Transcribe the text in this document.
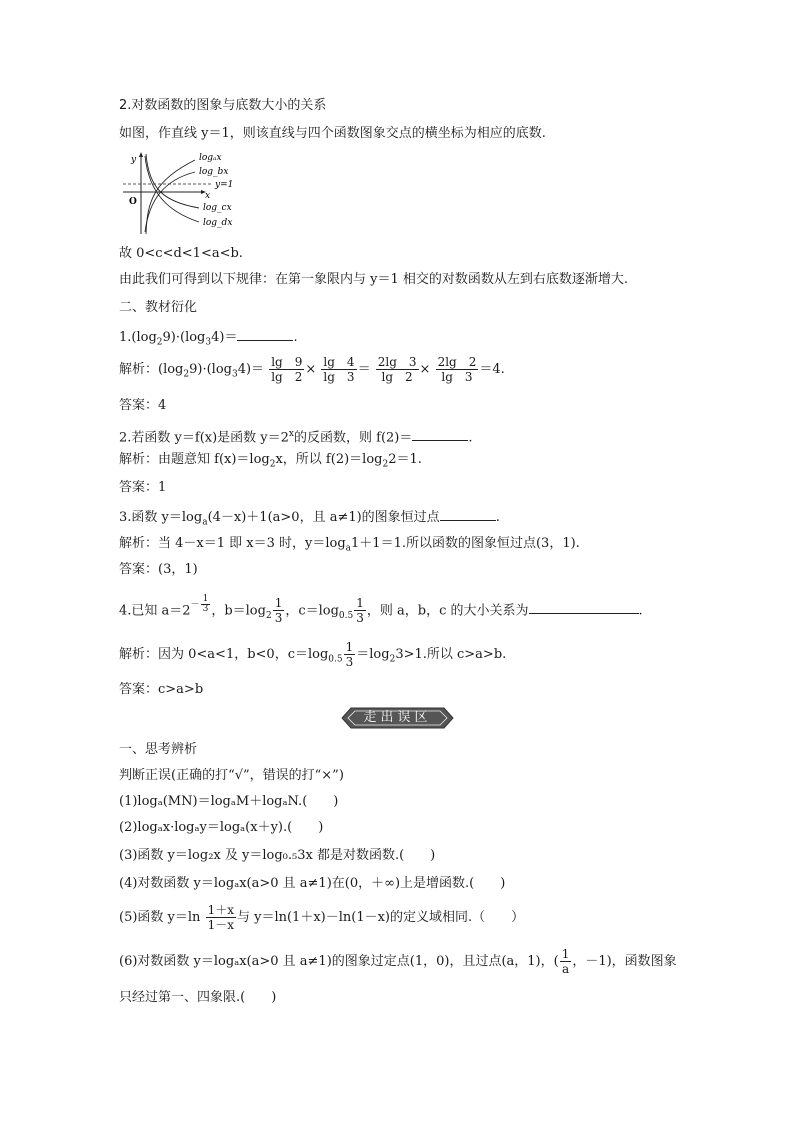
2.对数函数的图象与底数大小的关系
如图，作直线 y＝1，则该直线与四个函数图象交点的横坐标为相应的底数.
y
x
O
y=1
logₐx
log_bx
log_cx
log_dx
故 0<c<d<1<a<b.
由此我们可得到以下规律：在第一象限内与 y＝1 相交的对数函数从左到右底数逐渐增大.
二、教材衍化
$1.(\log_29)\cdot(\log_34)=$	.
解析：$(\log_29)\cdot(\log_34)= \frac{\lg 9}{\lg 2} \times \frac{\lg 4}{\lg 3} = \frac{2\lg 3}{\lg 2} \times \frac{2\lg 2}{\lg 3} =4$.
答案：4
2.若函数 y＝f(x)是函数 $y=2^x$的反函数，则 f(2)＝	.
解析：由题意知 $f(x)=\log_2x$，所以 $f(2)=\log_22=1$.
答案：1
3.函数 $y=\log_a(4-x)+1(a>0$，且 a≠1)的图象恒过点	.
解析：当 4－x＝1 即 x＝3 时，$y=\log_a1+1=1$.所以函数的图象恒过点(3，1).
答案：(3，1)
4.已知 $a=2^{- \frac{1}{3}}$ ，$b=\log_2 \frac{1}{3}$ ，$c=\log_{0.5} \frac{1}{3}$ ，则 a，b，c 的大小关系为	.
解析：因为 0<a<1，b<0，$c=\log_{0.5} \frac{1}{3} =\log_23>1$.所以 c>a>b.
答案：c>a>b
走出误区
一、思考辨析
判断正误(正确的打“√”，错误的打“×”)
(1)logₐ(MN)＝logₐM＋logₐN.(　　)
(2)logₐx·logₐy＝logₐ(x＋y).(　　)
(3)函数 y＝log₂x 及 y＝log₀.₅3x 都是对数函数.(　　)
(4)对数函数 y＝logₐx(a>0 且 a≠1)在(0，＋∞)上是增函数.(　　)
(5)函数 $y=\ln \frac{1+x}{1-x}$ 与 y＝ln(1＋x)－ln(1－x)的定义域相同.（　　）
(6)对数函数 y＝logₐx(a>0 且 a≠1)的图象过定点(1，0)，且过点(a，1)，( $\frac{1}{a}$ ，－1)，函数图象
只经过第一、四象限.(　　)
